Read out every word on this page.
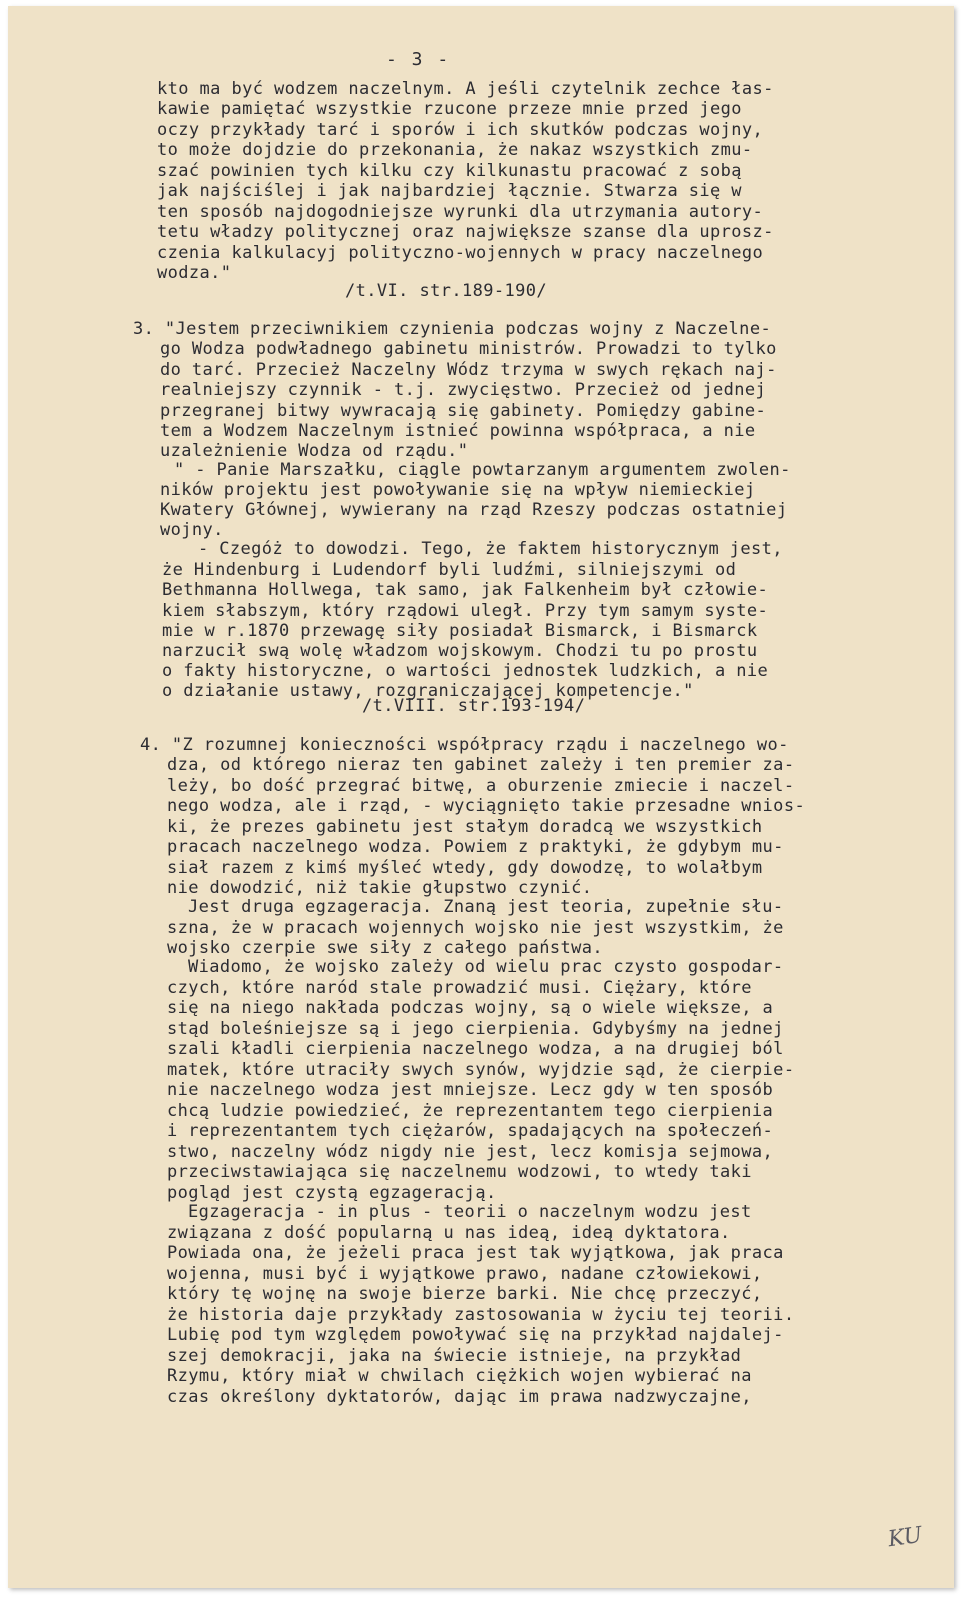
- 3 -
kto ma być wodzem naczelnym. A jeśli czytelnik zechce łas-
kawie pamiętać wszystkie rzucone przeze mnie przed jego
oczy przykłady tarć i sporów i ich skutków podczas wojny,
to może dojdzie do przekonania, że nakaz wszystkich zmu-
szać powinien tych kilku czy kilkunastu pracować z sobą
jak najściślej i jak najbardziej łącznie. Stwarza się w
ten sposób najdogodniejsze wyrunki dla utrzymania autory-
tetu władzy politycznej oraz największe szanse dla uprosz-
czenia kalkulacyj polityczno-wojennych w pracy naczelnego
wodza."
/t.VI. str.189-190/
3. "Jestem przeciwnikiem czynienia podczas wojny z Naczelne-
go Wodza podwładnego gabinetu ministrów. Prowadzi to tylko
do tarć. Przecież Naczelny Wódz trzyma w swych rękach naj-
realniejszy czynnik - t.j. zwycięstwo. Przecież od jednej
przegranej bitwy wywracają się gabinety. Pomiędzy gabine-
tem a Wodzem Naczelnym istnieć powinna współpraca, a nie
uzależnienie Wodza od rządu."
" - Panie Marszałku, ciągle powtarzanym argumentem zwolen-
ników projektu jest powoływanie się na wpływ niemieckiej
Kwatery Głównej, wywierany na rząd Rzeszy podczas ostatniej
wojny.
- Czegóż to dowodzi. Tego, że faktem historycznym jest,
że Hindenburg i Ludendorf byli ludźmi, silniejszymi od
Bethmanna Hollwega, tak samo, jak Falkenheim był człowie-
kiem słabszym, który rządowi uległ. Przy tym samym syste-
mie w r.1870 przewagę siły posiadał Bismarck, i Bismarck
narzucił swą wolę władzom wojskowym. Chodzi tu po prostu
o fakty historyczne, o wartości jednostek ludzkich, a nie
o działanie ustawy, rozgraniczającej kompetencje."
/t.VIII. str.193-194/
4. "Z rozumnej konieczności współpracy rządu i naczelnego wo-
dza, od którego nieraz ten gabinet zależy i ten premier za-
leży, bo dość przegrać bitwę, a oburzenie zmiecie i naczel-
nego wodza, ale i rząd, - wyciągnięto takie przesadne wnios-
ki, że prezes gabinetu jest stałym doradcą we wszystkich
pracach naczelnego wodza. Powiem z praktyki, że gdybym mu-
siał razem z kimś myśleć wtedy, gdy dowodzę, to wolałbym
nie dowodzić, niż takie głupstwo czynić.
Jest druga egzageracja. Znaną jest teoria, zupełnie słu-
szna, że w pracach wojennych wojsko nie jest wszystkim, że
wojsko czerpie swe siły z całego państwa.
Wiadomo, że wojsko zależy od wielu prac czysto gospodar-
czych, które naród stale prowadzić musi. Ciężary, które
się na niego nakłada podczas wojny, są o wiele większe, a
stąd boleśniejsze są i jego cierpienia. Gdybyśmy na jednej
szali kładli cierpienia naczelnego wodza, a na drugiej ból
matek, które utraciły swych synów, wyjdzie sąd, że cierpie-
nie naczelnego wodza jest mniejsze. Lecz gdy w ten sposób
chcą ludzie powiedzieć, że reprezentantem tego cierpienia
i reprezentantem tych ciężarów, spadających na społeczeń-
stwo, naczelny wódz nigdy nie jest, lecz komisja sejmowa,
przeciwstawiająca się naczelnemu wodzowi, to wtedy taki
pogląd jest czystą egzageracją.
Egzageracja - in plus - teorii o naczelnym wodzu jest
związana z dość popularną u nas ideą, ideą dyktatora.
Powiada ona, że jeżeli praca jest tak wyjątkowa, jak praca
wojenna, musi być i wyjątkowe prawo, nadane człowiekowi,
który tę wojnę na swoje bierze barki. Nie chcę przeczyć,
że historia daje przykłady zastosowania w życiu tej teorii.
Lubię pod tym względem powoływać się na przykład najdalej-
szej demokracji, jaka na świecie istnieje, na przykład
Rzymu, który miał w chwilach ciężkich wojen wybierać na
czas określony dyktatorów, dając im prawa nadzwyczajne,
KU
